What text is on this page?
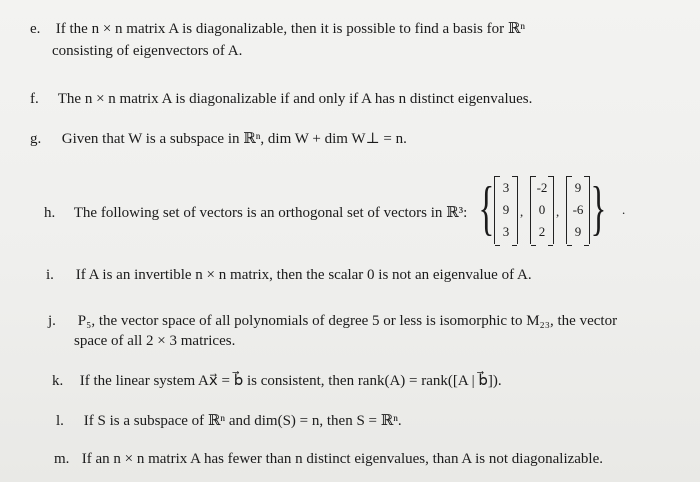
e. If the n × n matrix A is diagonalizable, then it is possible to find a basis for ℝⁿ
consisting of eigenvectors of A.
f. The n × n matrix A is diagonalizable if and only if A has n distinct eigenvalues.
g. Given that W is a subspace in ℝⁿ, dim W + dim W⊥ = n.
h. The following set of vectors is an orthogonal set of vectors in ℝ³: { 3
9
3
,
-2
0
2
,
9
-6
9 } .
i. If A is an invertible n × n matrix, then the scalar 0 is not an eigenvalue of A.
j. P₅, the vector space of all polynomials of degree 5 or less is isomorphic to M₂₃, the vector
space of all 2 × 3 matrices.
k. If the linear system Ax⃗ = b⃗ is consistent, then rank(A) = rank([A | b⃗]).
l. If S is a subspace of ℝⁿ and dim(S) = n, then S = ℝⁿ.
m. If an n × n matrix A has fewer than n distinct eigenvalues, than A is not diagonalizable.
